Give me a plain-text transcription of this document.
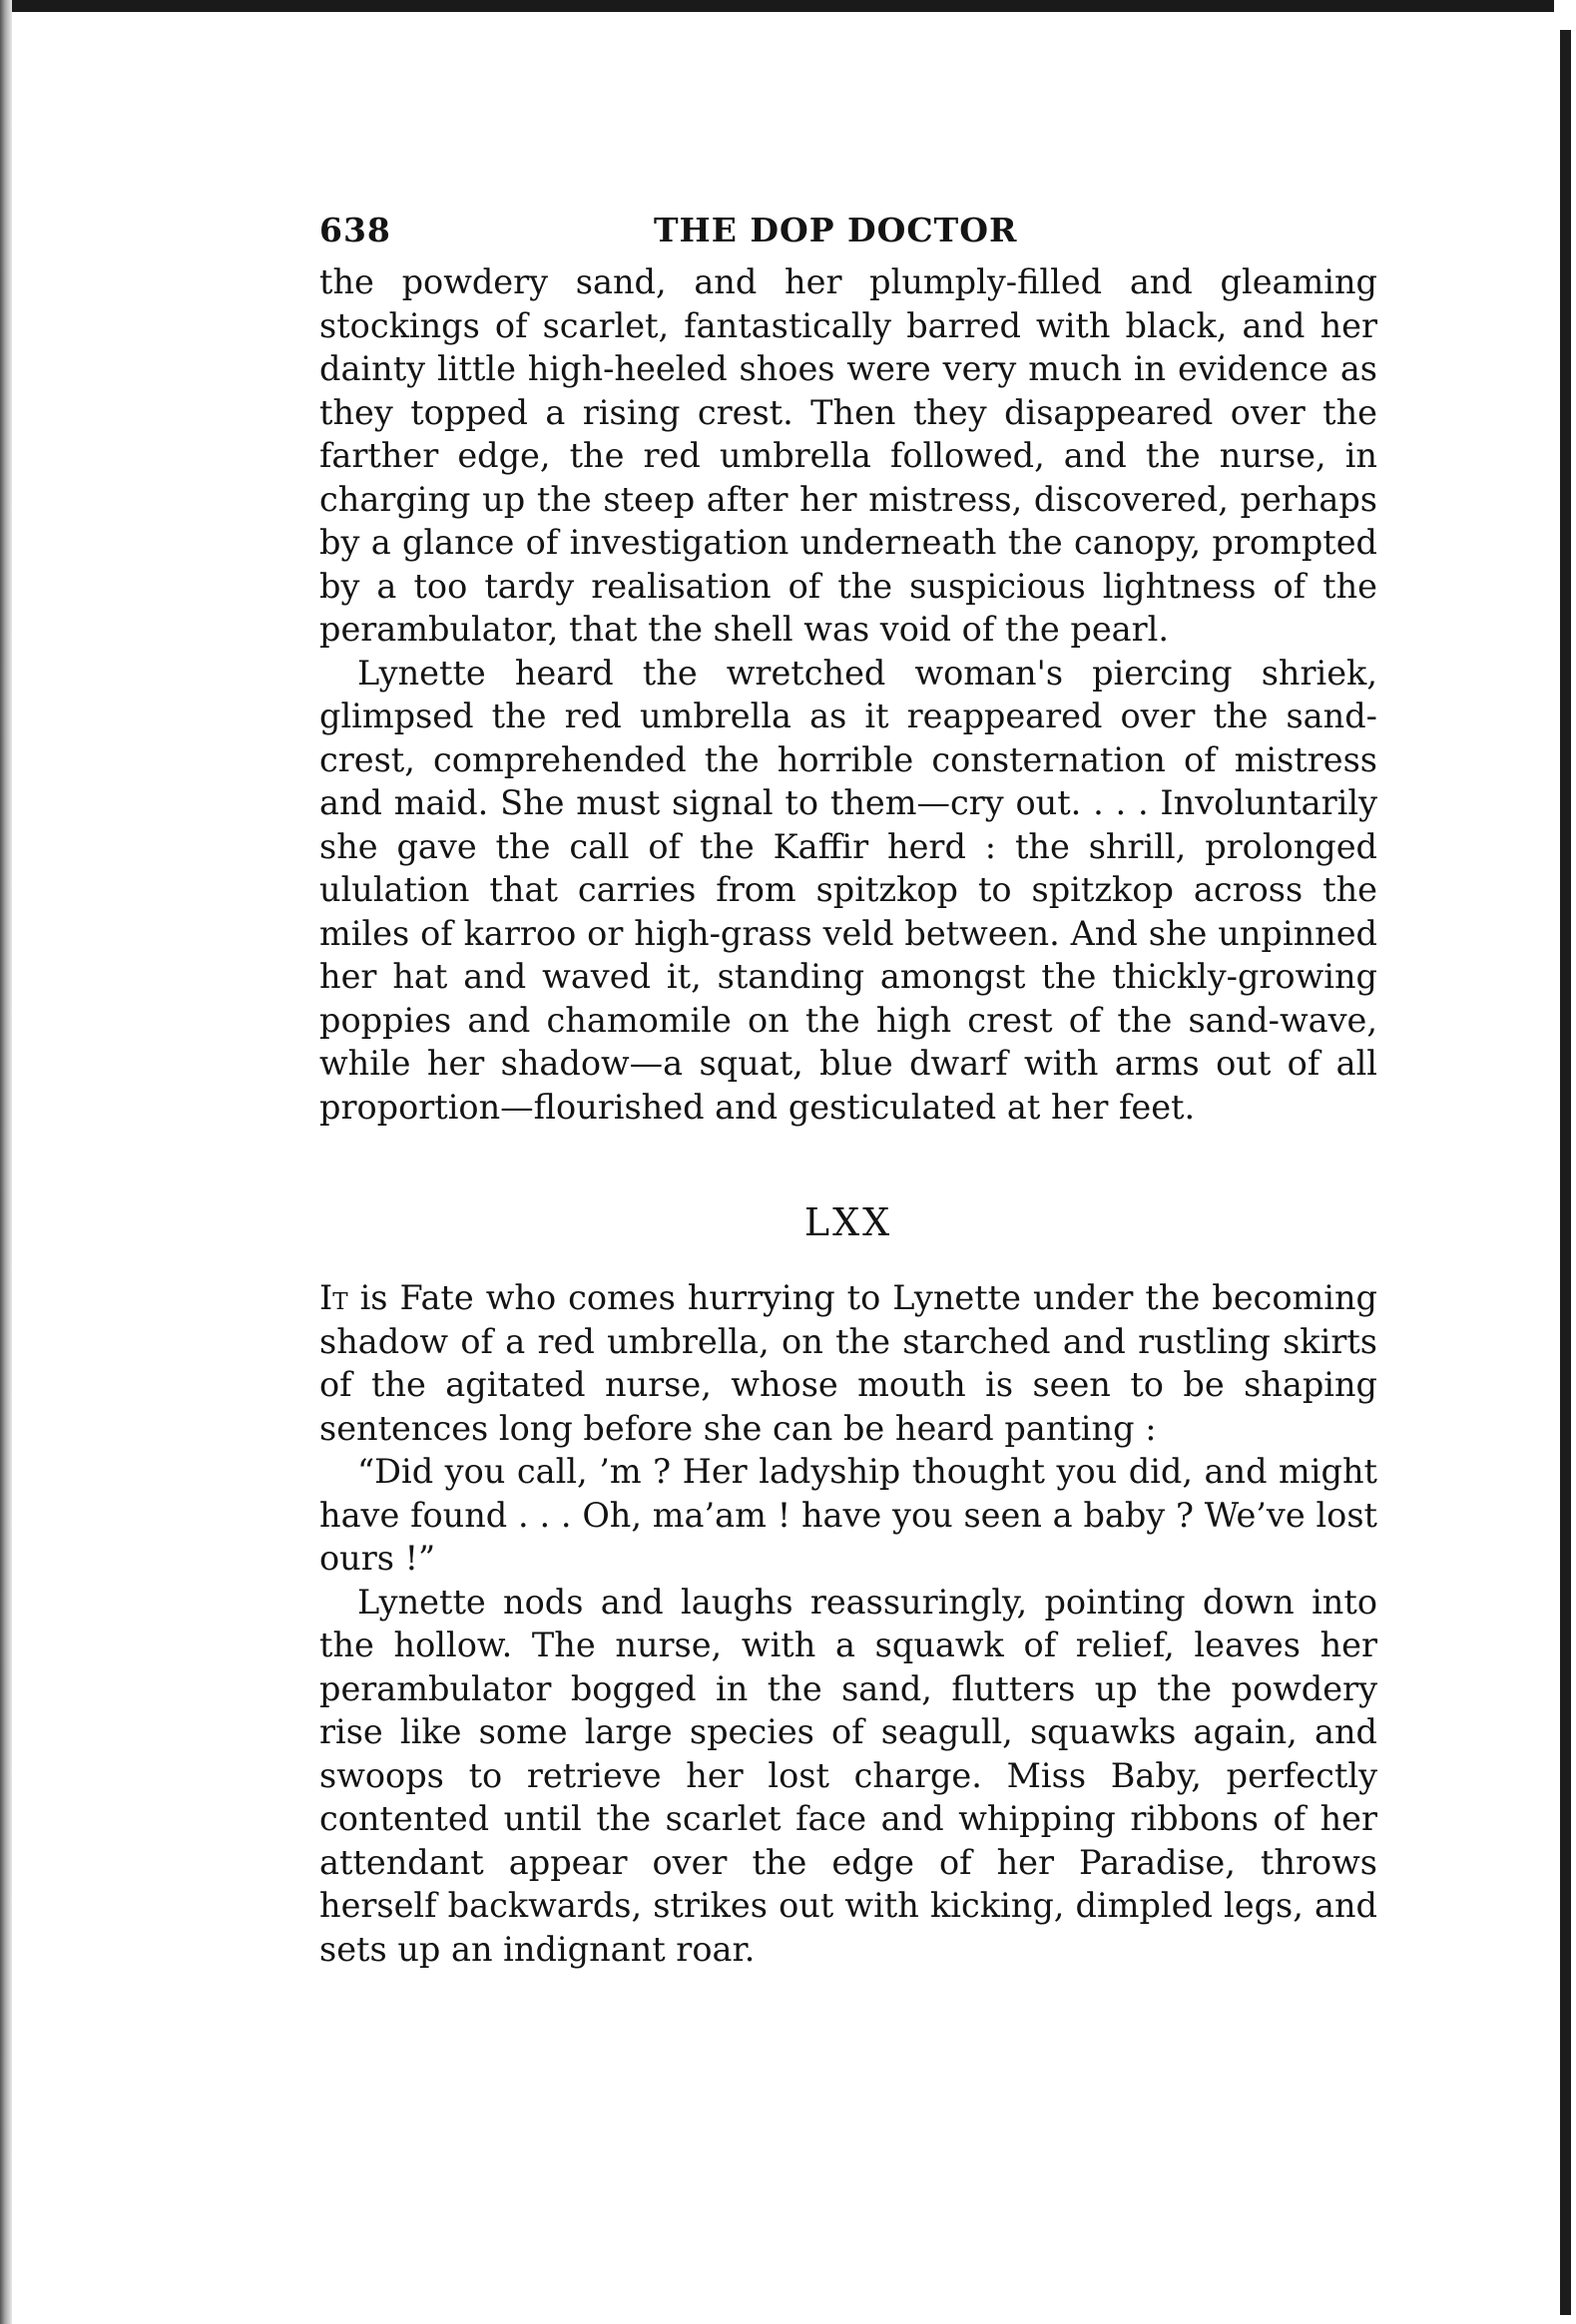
638	THE DOP DOCTOR

the powdery sand, and her plumply-filled and gleaming stockings of scarlet, fantastically barred with black, and her dainty little high-heeled shoes were very much in evidence as they topped a rising crest. Then they disappeared over the farther edge, the red umbrella followed, and the nurse, in charging up the steep after her mistress, discovered, perhaps by a glance of investigation underneath the canopy, prompted by a too tardy realisation of the suspicious lightness of the perambulator, that the shell was void of the pearl.

Lynette heard the wretched woman's piercing shriek, glimpsed the red umbrella as it reappeared over the sand-crest, comprehended the horrible consternation of mistress and maid. She must signal to them—cry out. . . . Involuntarily she gave the call of the Kaffir herd : the shrill, prolonged ululation that carries from spitzkop to spitzkop across the miles of karroo or high-grass veld between. And she unpinned her hat and waved it, standing amongst the thickly-growing poppies and chamomile on the high crest of the sand-wave, while her shadow—a squat, blue dwarf with arms out of all proportion—flourished and gesticulated at her feet.

LXX

It is Fate who comes hurrying to Lynette under the becoming shadow of a red umbrella, on the starched and rustling skirts of the agitated nurse, whose mouth is seen to be shaping sentences long before she can be heard panting :

“Did you call, ’m ? Her ladyship thought you did, and might have found . . . Oh, ma’am ! have you seen a baby ? We’ve lost ours !”

Lynette nods and laughs reassuringly, pointing down into the hollow. The nurse, with a squawk of relief, leaves her perambulator bogged in the sand, flutters up the powdery rise like some large species of seagull, squawks again, and swoops to retrieve her lost charge. Miss Baby, perfectly contented until the scarlet face and whipping ribbons of her attendant appear over the edge of her Paradise, throws herself backwards, strikes out with kicking, dimpled legs, and sets up an indignant roar.
